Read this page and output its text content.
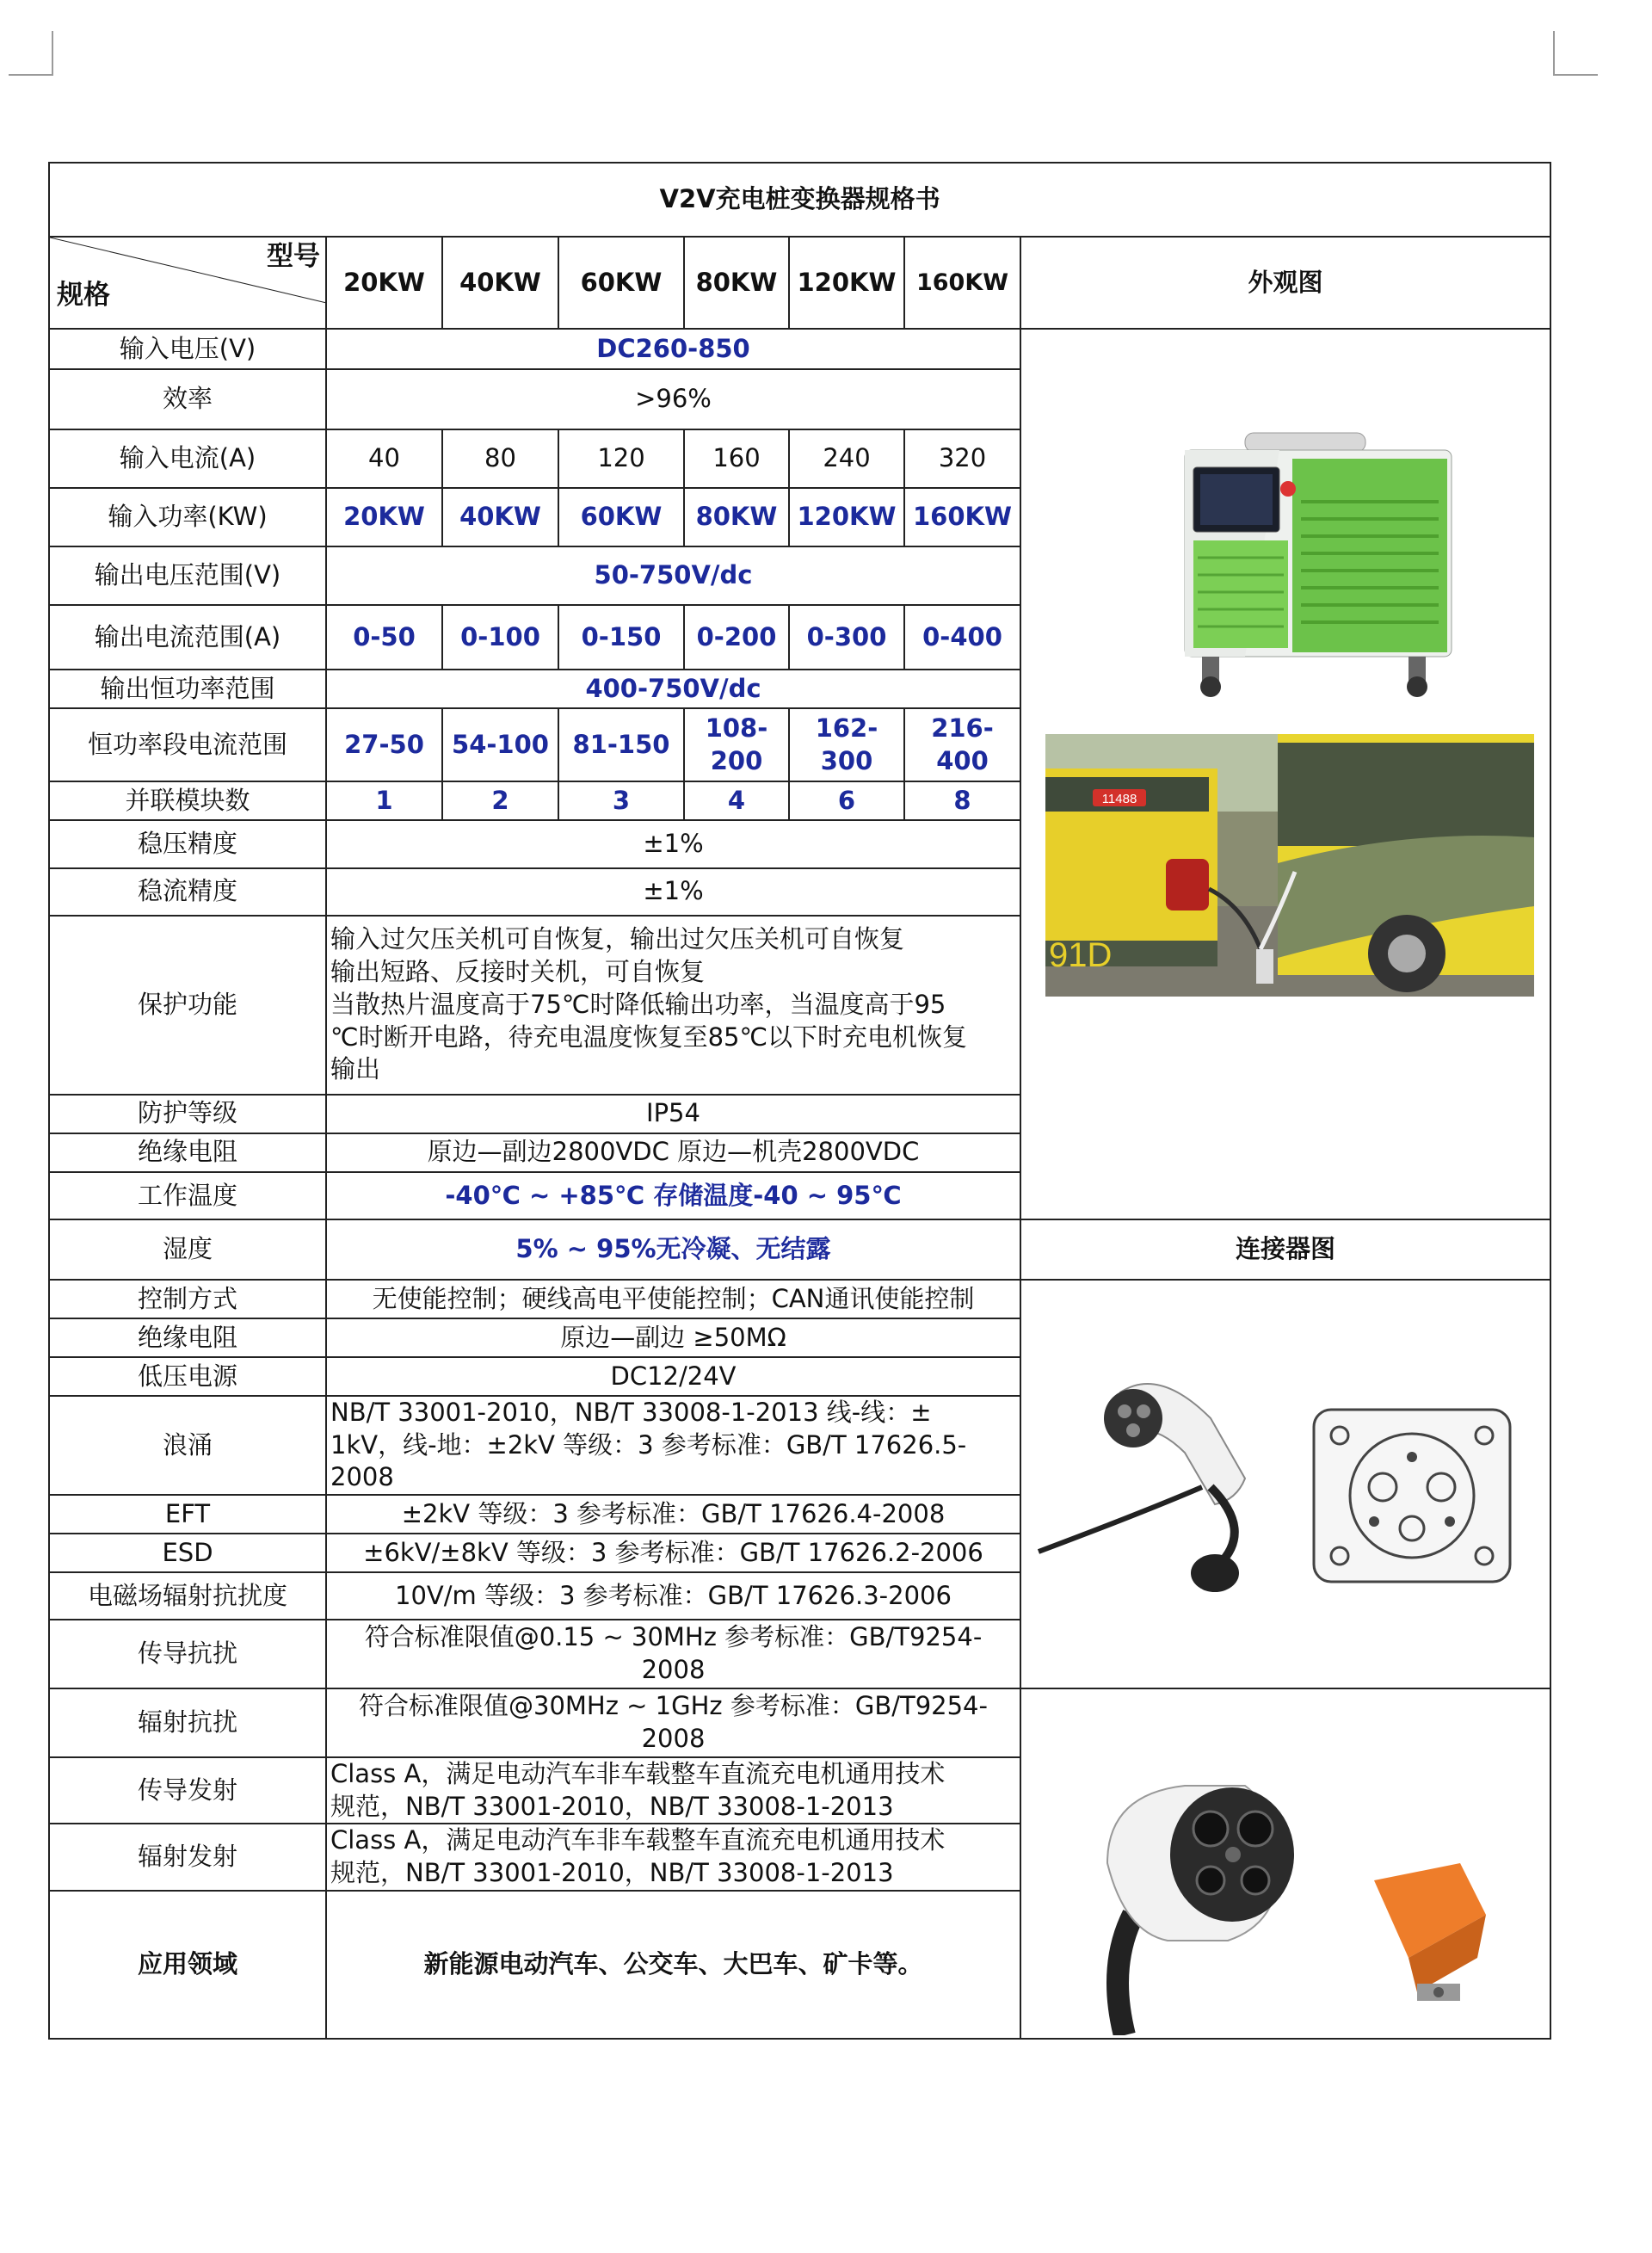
V2V充电桩变换器规格书							

型号
规格	20KW	40KW	60KW	80KW	120KW	160KW	外观图
输入电压(V)	DC260-850						11488
91D

效率	>96%						
输入电流(A)	40	80	120	160	240	320	
输入功率(KW)	20KW	40KW	60KW	80KW	120KW	160KW	
输出电压范围(V)	50-750V/dc						
输出电流范围(A)	0-50	0-100	0-150	0-200	0-300	0-400	
输出恒功率范围	400-750V/dc						
恒功率段电流范围	27-50	54-100	81-150	108-200	162-300	216-400	
并联模块数	1	2	3	4	6	8	
稳压精度	±1%						
稳流精度	±1%						
保护功能	输入过欠压关机可自恢复，输出过欠压关机可自恢复
输出短路、反接时关机，可自恢复
当散热片温度高于75℃时降低输出功率，当温度高于95
℃时断开电路，待充电温度恢复至85℃以下时充电机恢复
输出						

防护等级	IP54						
绝缘电阻	原边—副边2800VDC 原边—机壳2800VDC						
工作温度	-40℃ ~ +85℃ 存储温度-40 ~ 95℃						
湿度	5% ~ 95%无冷凝、无结露						连接器图
控制方式	无使能控制；硬线高电平使能控制；CAN通讯使能控制	

绝缘电阻	原边—副边 ≥50MΩ						
低压电源	DC12/24V						
浪涌	NB/T 33001-2010，NB/T 33008-1-2013 线-线：±
1kV，线-地：±2kV 等级：3 参考标准：GB/T 17626.5-
2008						

EFT	±2kV 等级：3 参考标准：GB/T 17626.4-2008						
ESD	±6kV/±8kV 等级：3 参考标准：GB/T 17626.2-2006						
电磁场辐射抗扰度	10V/m 等级：3 参考标准：GB/T 17626.3-2006						
传导抗扰	符合标准限值@0.15 ~ 30MHz 参考标准：GB/T9254-
2008						

辐射抗扰	符合标准限值@30MHz ~ 1GHz 参考标准：GB/T9254-
2008

传导发射	Class A，满足电动汽车非车载整车直流充电机通用技术
规范，NB/T 33001-2010，NB/T 33008-1-2013						

辐射发射	Class A，满足电动汽车非车载整车直流充电机通用技术
规范，NB/T 33001-2010，NB/T 33008-1-2013						

应用领域	新能源电动汽车、公交车、大巴车、矿卡等。						
